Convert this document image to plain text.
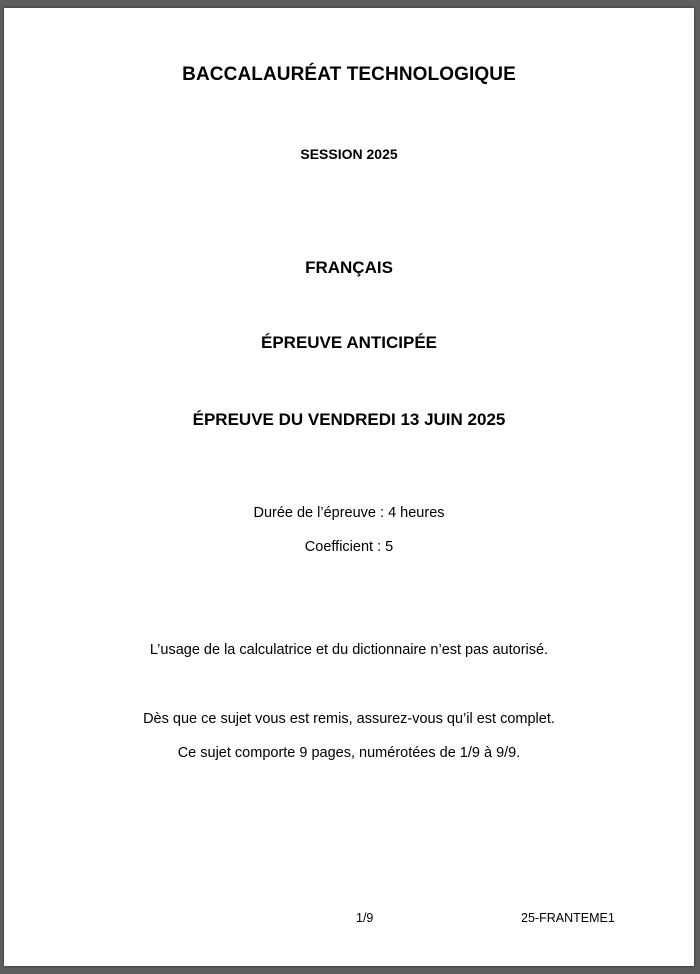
BACCALAURÉAT TECHNOLOGIQUE
SESSION 2025
FRANÇAIS
ÉPREUVE ANTICIPÉE
ÉPREUVE DU VENDREDI 13 JUIN 2025
Durée de l’épreuve : 4 heures
Coefficient : 5
L’usage de la calculatrice et du dictionnaire n’est pas autorisé.
Dès que ce sujet vous est remis, assurez-vous qu’il est complet.
Ce sujet comporte 9 pages, numérotées de 1/9 à 9/9.
1/9	25-FRANTEME1
